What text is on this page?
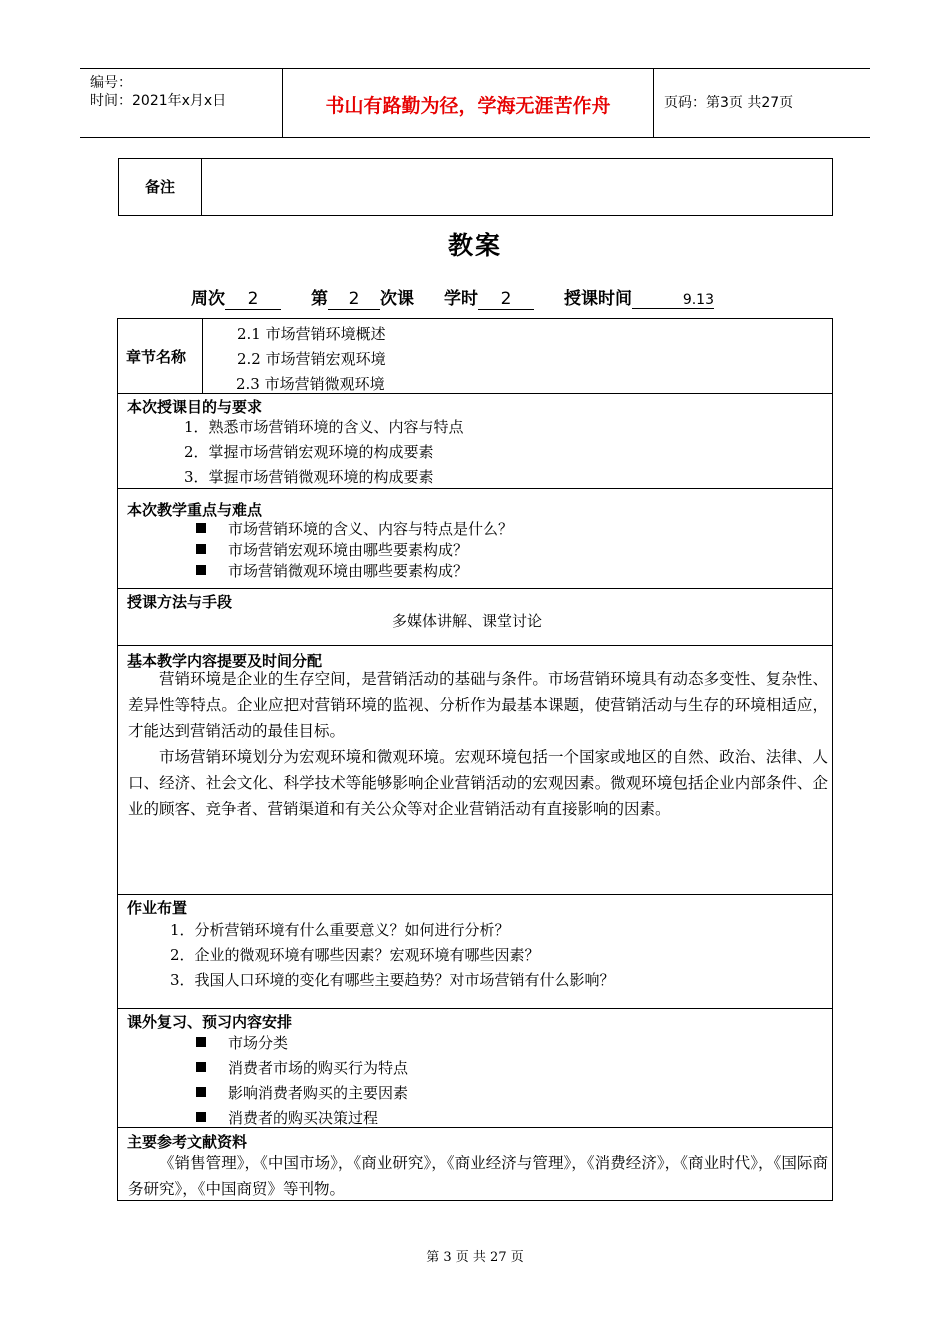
编号：
时间：2021年x月x日	书山有路勤为径，学海无涯苦作舟	页码：第3页 共27页
备注
教案
周次 2	第 2 次课 学时 2	授课时间	9.13
章节名称
2.1 市场营销环境概述
2.2 市场营销宏观环境
2.3 市场营销微观环境
本次授课目的与要求
1．熟悉市场营销环境的含义、内容与特点
2．掌握市场营销宏观环境的构成要素
3．掌握市场营销微观环境的构成要素
本次教学重点与难点
市场营销环境的含义、内容与特点是什么？
市场营销宏观环境由哪些要素构成？
市场营销微观环境由哪些要素构成？
授课方法与手段
多媒体讲解、课堂讨论
基本教学内容提要及时间分配
营销环境是企业的生存空间，是营销活动的基础与条件。市场营销环境具有动态多变性、复杂性、差异性等特点。企业应把对营销环境的监视、分析作为最基本课题，使营销活动与生存的环境相适应，才能达到营销活动的最佳目标。
市场营销环境划分为宏观环境和微观环境。宏观环境包括一个国家或地区的自然、政治、法律、人口、经济、社会文化、科学技术等能够影响企业营销活动的宏观因素。微观环境包括企业内部条件、企业的顾客、竞争者、营销渠道和有关公众等对企业营销活动有直接影响的因素。
作业布置
1．分析营销环境有什么重要意义？如何进行分析？
2．企业的微观环境有哪些因素？宏观环境有哪些因素？
3．我国人口环境的变化有哪些主要趋势？对市场营销有什么影响？
课外复习、预习内容安排
市场分类
消费者市场的购买行为特点
影响消费者购买的主要因素
消费者的购买决策过程
主要参考文献资料
《销售管理》，《中国市场》，《商业研究》，《商业经济与管理》，《消费经济》，《商业时代》，《国际商务研究》，《中国商贸》等刊物。
第 3 页 共 27 页
